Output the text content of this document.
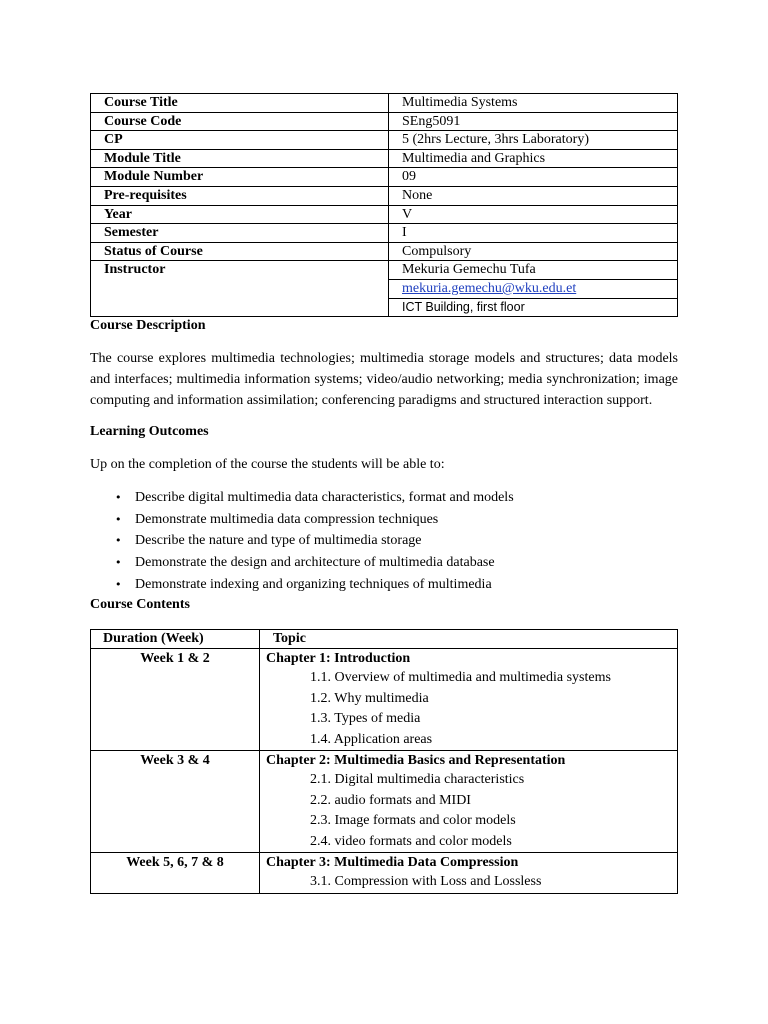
Course Title	Multimedia Systems
Course Code	SEng5091
CP	5 (2hrs Lecture, 3hrs Laboratory)
Module Title	Multimedia and Graphics
Module Number	09
Pre-requisites	None
Year	V
Semester	I
Status of Course	Compulsory
Instructor	Mekuria Gemechu Tufa
	mekuria.gemechu@wku.edu.et
	ICT Building, first floor
Course Description

The course explores multimedia technologies; multimedia storage models and structures; data models and interfaces; multimedia information systems; video/audio networking; media synchronization; image computing and information assimilation; conferencing paradigms and structured interaction support.

Learning Outcomes

Up on the completion of the course the students will be able to:

• Describe digital multimedia data characteristics, format and models
• Demonstrate multimedia data compression techniques
• Describe the nature and type of multimedia storage
• Demonstrate the design and architecture of multimedia database
• Demonstrate indexing and organizing techniques of multimedia
Course Contents
Duration (Week)	Topic
Week 1 & 2	Chapter 1: Introduction
1.1. Overview of multimedia and multimedia systems
1.2. Why multimedia
1.3. Types of media
1.4. Application areas

Week 3 & 4	Chapter 2: Multimedia Basics and Representation
2.1. Digital multimedia characteristics
2.2. audio formats and MIDI
2.3. Image formats and color models
2.4. video formats and color models

Week 5, 6, 7 & 8	Chapter 3: Multimedia Data Compression
3.1. Compression with Loss and Lossless
